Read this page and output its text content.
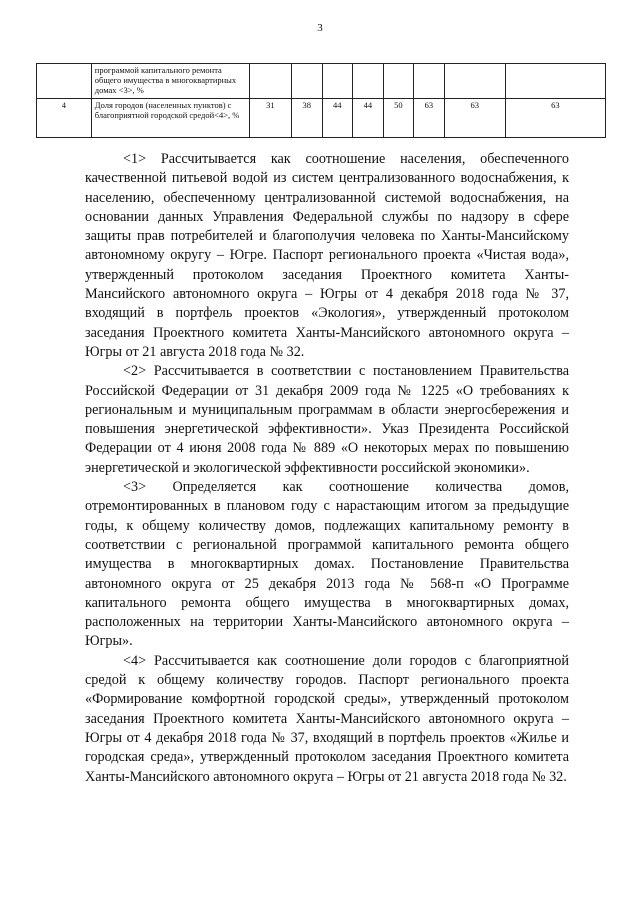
3
	программой капитального ремонта общего имущества в многоквартирных домах <3>, %								
4	Доля городов (населенных пунктов) с благоприятной городской средой<4>, %	31	38	44	44	50	63	63	63

<1> Рассчитывается как соотношение населения, обеспеченного качественной питьевой водой из систем централизованного водоснабжения, к населению, обеспеченному централизованной системой водоснабжения, на основании данных Управления Федеральной службы по надзору в сфере защиты прав потребителей и благополучия человека по Ханты-Мансийскому автономному округу – Югре. Паспорт регионального проекта «Чистая вода», утвержденный протоколом заседания Проектного комитета Ханты-Мансийского автономного округа – Югры от 4 декабря 2018 года № 37, входящий в портфель проектов «Экология», утвержденный протоколом заседания Проектного комитета Ханты-Мансийского автономного округа – Югры от 21 августа 2018 года № 32.

<2> Рассчитывается в соответствии с постановлением Правительства Российской Федерации от 31 декабря 2009 года № 1225 «О требованиях к региональным и муниципальным программам в области энергосбережения и повышения энергетической эффективности». Указ Президента Российской Федерации от 4 июня 2008 года № 889 «О некоторых мерах по повышению энергетической и экологической эффективности российской экономики».

<3> Определяется как соотношение количества домов, отремонтированных в плановом году с нарастающим итогом за предыдущие годы, к общему количеству домов, подлежащих капитальному ремонту в соответствии с региональной программой капитального ремонта общего имущества в многоквартирных домах. Постановление Правительства автономного округа от 25 декабря 2013 года № 568-п «О Программе капитального ремонта общего имущества в многоквартирных домах, расположенных на территории Ханты-Мансийского автономного округа – Югры».

<4> Рассчитывается как соотношение доли городов с благоприятной средой к общему количеству городов. Паспорт регионального проекта «Формирование комфортной городской среды», утвержденный протоколом заседания Проектного комитета Ханты-Мансийского автономного округа – Югры от 4 декабря 2018 года № 37, входящий в портфель проектов «Жилье и городская среда», утвержденный протоколом заседания Проектного комитета Ханты-Мансийского автономного округа – Югры от 21 августа 2018 года № 32.
